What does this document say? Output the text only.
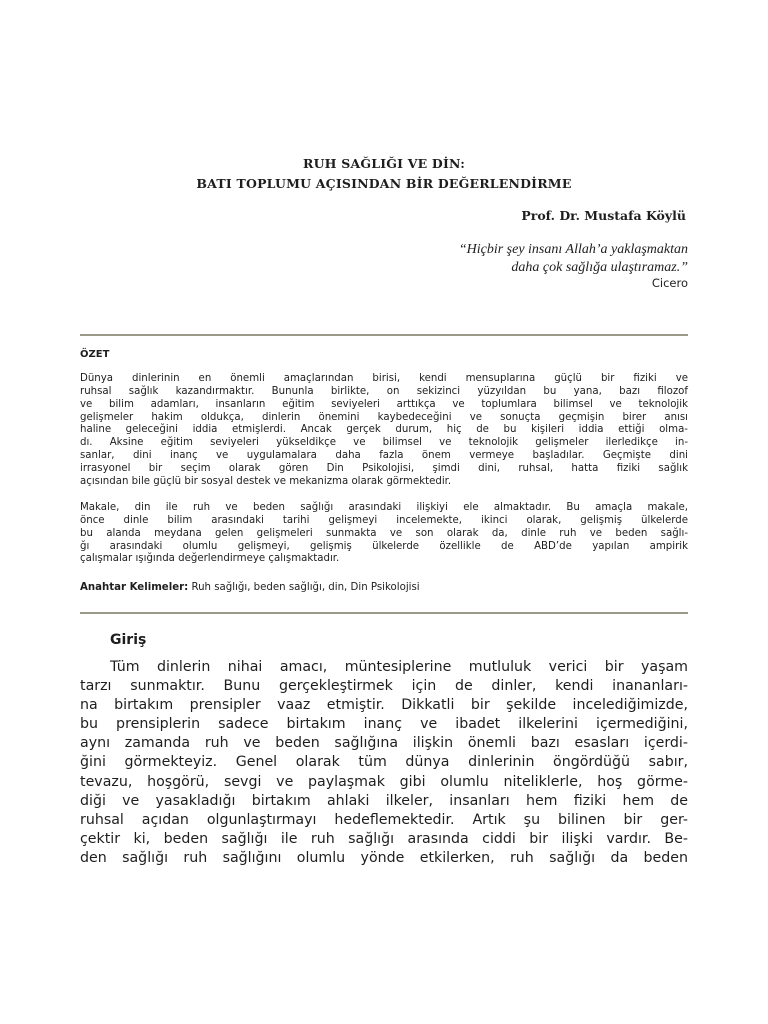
RUH SAĞLIĞI VE DİN:
BATI TOPLUMU AÇISINDAN BİR DEĞERLENDİRME
Prof. Dr. Mustafa Köylü
“Hiçbir şey insanı Allah’a yaklaşmaktan
daha çok sağlığa ulaştıramaz.”
Cicero
ÖZET
Dünya dinlerinin en önemli amaçlarından birisi, kendi mensuplarına güçlü bir fiziki ve
ruhsal sağlık kazandırmaktır. Bununla birlikte, on sekizinci yüzyıldan bu yana, bazı filozof
ve bilim adamları, insanların eğitim seviyeleri arttıkça ve toplumlara bilimsel ve teknolojik
gelişmeler hakim oldukça, dinlerin önemini kaybedeceğini ve sonuçta geçmişin birer anısı
haline geleceğini iddia etmişlerdi. Ancak gerçek durum, hiç de bu kişileri iddia ettiği olma-
dı. Aksine eğitim seviyeleri yükseldikçe ve bilimsel ve teknolojik gelişmeler ilerledikçe in-
sanlar, dini inanç ve uygulamalara daha fazla önem vermeye başladılar. Geçmişte dini
irrasyonel bir seçim olarak gören Din Psikolojisi, şimdi dini, ruhsal, hatta fiziki sağlık
açısından bile güçlü bir sosyal destek ve mekanizma olarak görmektedir.
Makale, din ile ruh ve beden sağlığı arasındaki ilişkiyi ele almaktadır. Bu amaçla makale,
önce dinle bilim arasındaki tarihi gelişmeyi incelemekte, ikinci olarak, gelişmiş ülkelerde
bu alanda meydana gelen gelişmeleri sunmakta ve son olarak da, dinle ruh ve beden sağlı-
ğı arasındaki olumlu gelişmeyi, gelişmiş ülkelerde özellikle de ABD’de yapılan ampirik
çalışmalar ışığında değerlendirmeye çalışmaktadır.
Anahtar Kelimeler: Ruh sağlığı, beden sağlığı, din, Din Psikolojisi
Giriş
Tüm dinlerin nihai amacı, müntesiplerine mutluluk verici bir yaşam
tarzı sunmaktır. Bunu gerçekleştirmek için de dinler, kendi inananları-
na birtakım prensipler vaaz etmiştir. Dikkatli bir şekilde incelediğimizde,
bu prensiplerin sadece birtakım inanç ve ibadet ilkelerini içermediğini,
aynı zamanda ruh ve beden sağlığına ilişkin önemli bazı esasları içerdi-
ğini görmekteyiz. Genel olarak tüm dünya dinlerinin öngördüğü sabır,
tevazu, hoşgörü, sevgi ve paylaşmak gibi olumlu niteliklerle, hoş görme-
diği ve yasakladığı birtakım ahlaki ilkeler, insanları hem fiziki hem de
ruhsal açıdan olgunlaştırmayı hedeflemektedir. Artık şu bilinen bir ger-
çektir ki, beden sağlığı ile ruh sağlığı arasında ciddi bir ilişki vardır. Be-
den sağlığı ruh sağlığını olumlu yönde etkilerken, ruh sağlığı da beden
